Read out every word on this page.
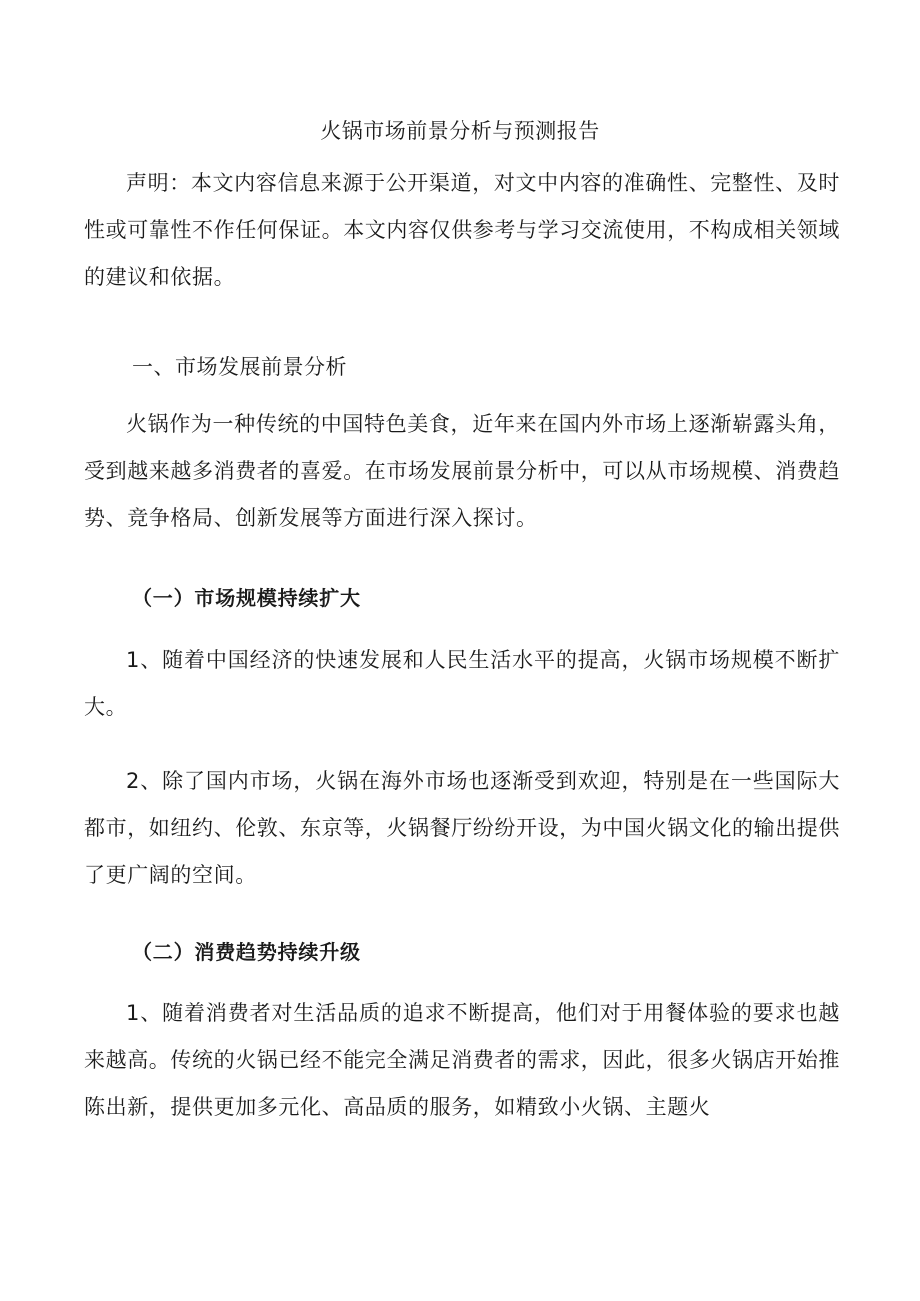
火锅市场前景分析与预测报告

声明：本文内容信息来源于公开渠道，对文中内容的准确性、完整性、及时性或可靠性不作任何保证。本文内容仅供参考与学习交流使用，不构成相关领域的建议和依据。

一、市场发展前景分析

火锅作为一种传统的中国特色美食，近年来在国内外市场上逐渐崭露头角，受到越来越多消费者的喜爱。在市场发展前景分析中，可以从市场规模、消费趋势、竞争格局、创新发展等方面进行深入探讨。

（一）市场规模持续扩大

1、随着中国经济的快速发展和人民生活水平的提高，火锅市场规模不断扩大。

2、除了国内市场，火锅在海外市场也逐渐受到欢迎，特别是在一些国际大都市，如纽约、伦敦、东京等，火锅餐厅纷纷开设，为中国火锅文化的输出提供了更广阔的空间。

（二）消费趋势持续升级

1、随着消费者对生活品质的追求不断提高，他们对于用餐体验的要求也越来越高。传统的火锅已经不能完全满足消费者的需求，因此，很多火锅店开始推陈出新，提供更加多元化、高品质的服务，如精致小火锅、主题火
